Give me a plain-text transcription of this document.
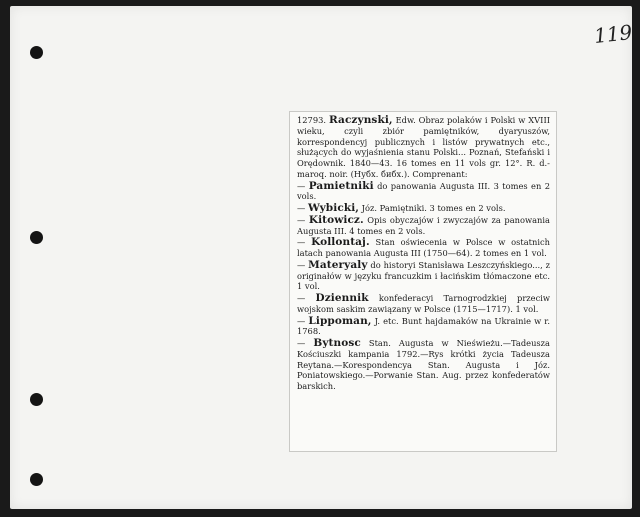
119

12793. Raczynski, Edw. Obraz polaków i Polski w XVIII wieku, czyli zbiór pamiętników, dyaryuszów, korrespondencyj publicznych i listów prywatnych etc., służących do wyjaśnienia stanu Polski... Poznań, Stefański i Orędownik. 1840—43. 16 tomes en 11 vols gr. 12°. R. d.-maroq. noir. (Нубх. бибх.). Comprenant:

— Pamietniki do panowania Augusta III. 3 tomes en 2 vols.

— Wybicki, Józ. Pamiętniki. 3 tomes en 2 vols.

— Kitowicz. Opis obyczajów i zwyczajów za panowania Augusta III. 4 tomes en 2 vols.

— Kollontaj. Stan oświecenia w Polsce w ostatnich latach panowania Augusta III (1750—64). 2 tomes en 1 vol.

— Materyaly do historyi Stanisława Leszczyńskiego..., z originałów w języku francuzkim i łacińskim tłómaczone etc. 1 vol.

— Dziennik konfederacyi Tarnogrodzkiej przeciw wojskom saskim zawiązany w Polsce (1715—1717). 1 vol.

— Lippoman, J. etc. Bunt hajdamaków na Ukrainie w r. 1768.

— Bytnosc Stan. Augusta w Nieświeżu.—Tadeusza Kościuszki kampania 1792.—Rys krótki życia Tadeusza Reytana.—Korespondencya Stan. Augusta i Józ. Poniatowskiego.—Porwanie Stan. Aug. przez konfederatów barskich.
